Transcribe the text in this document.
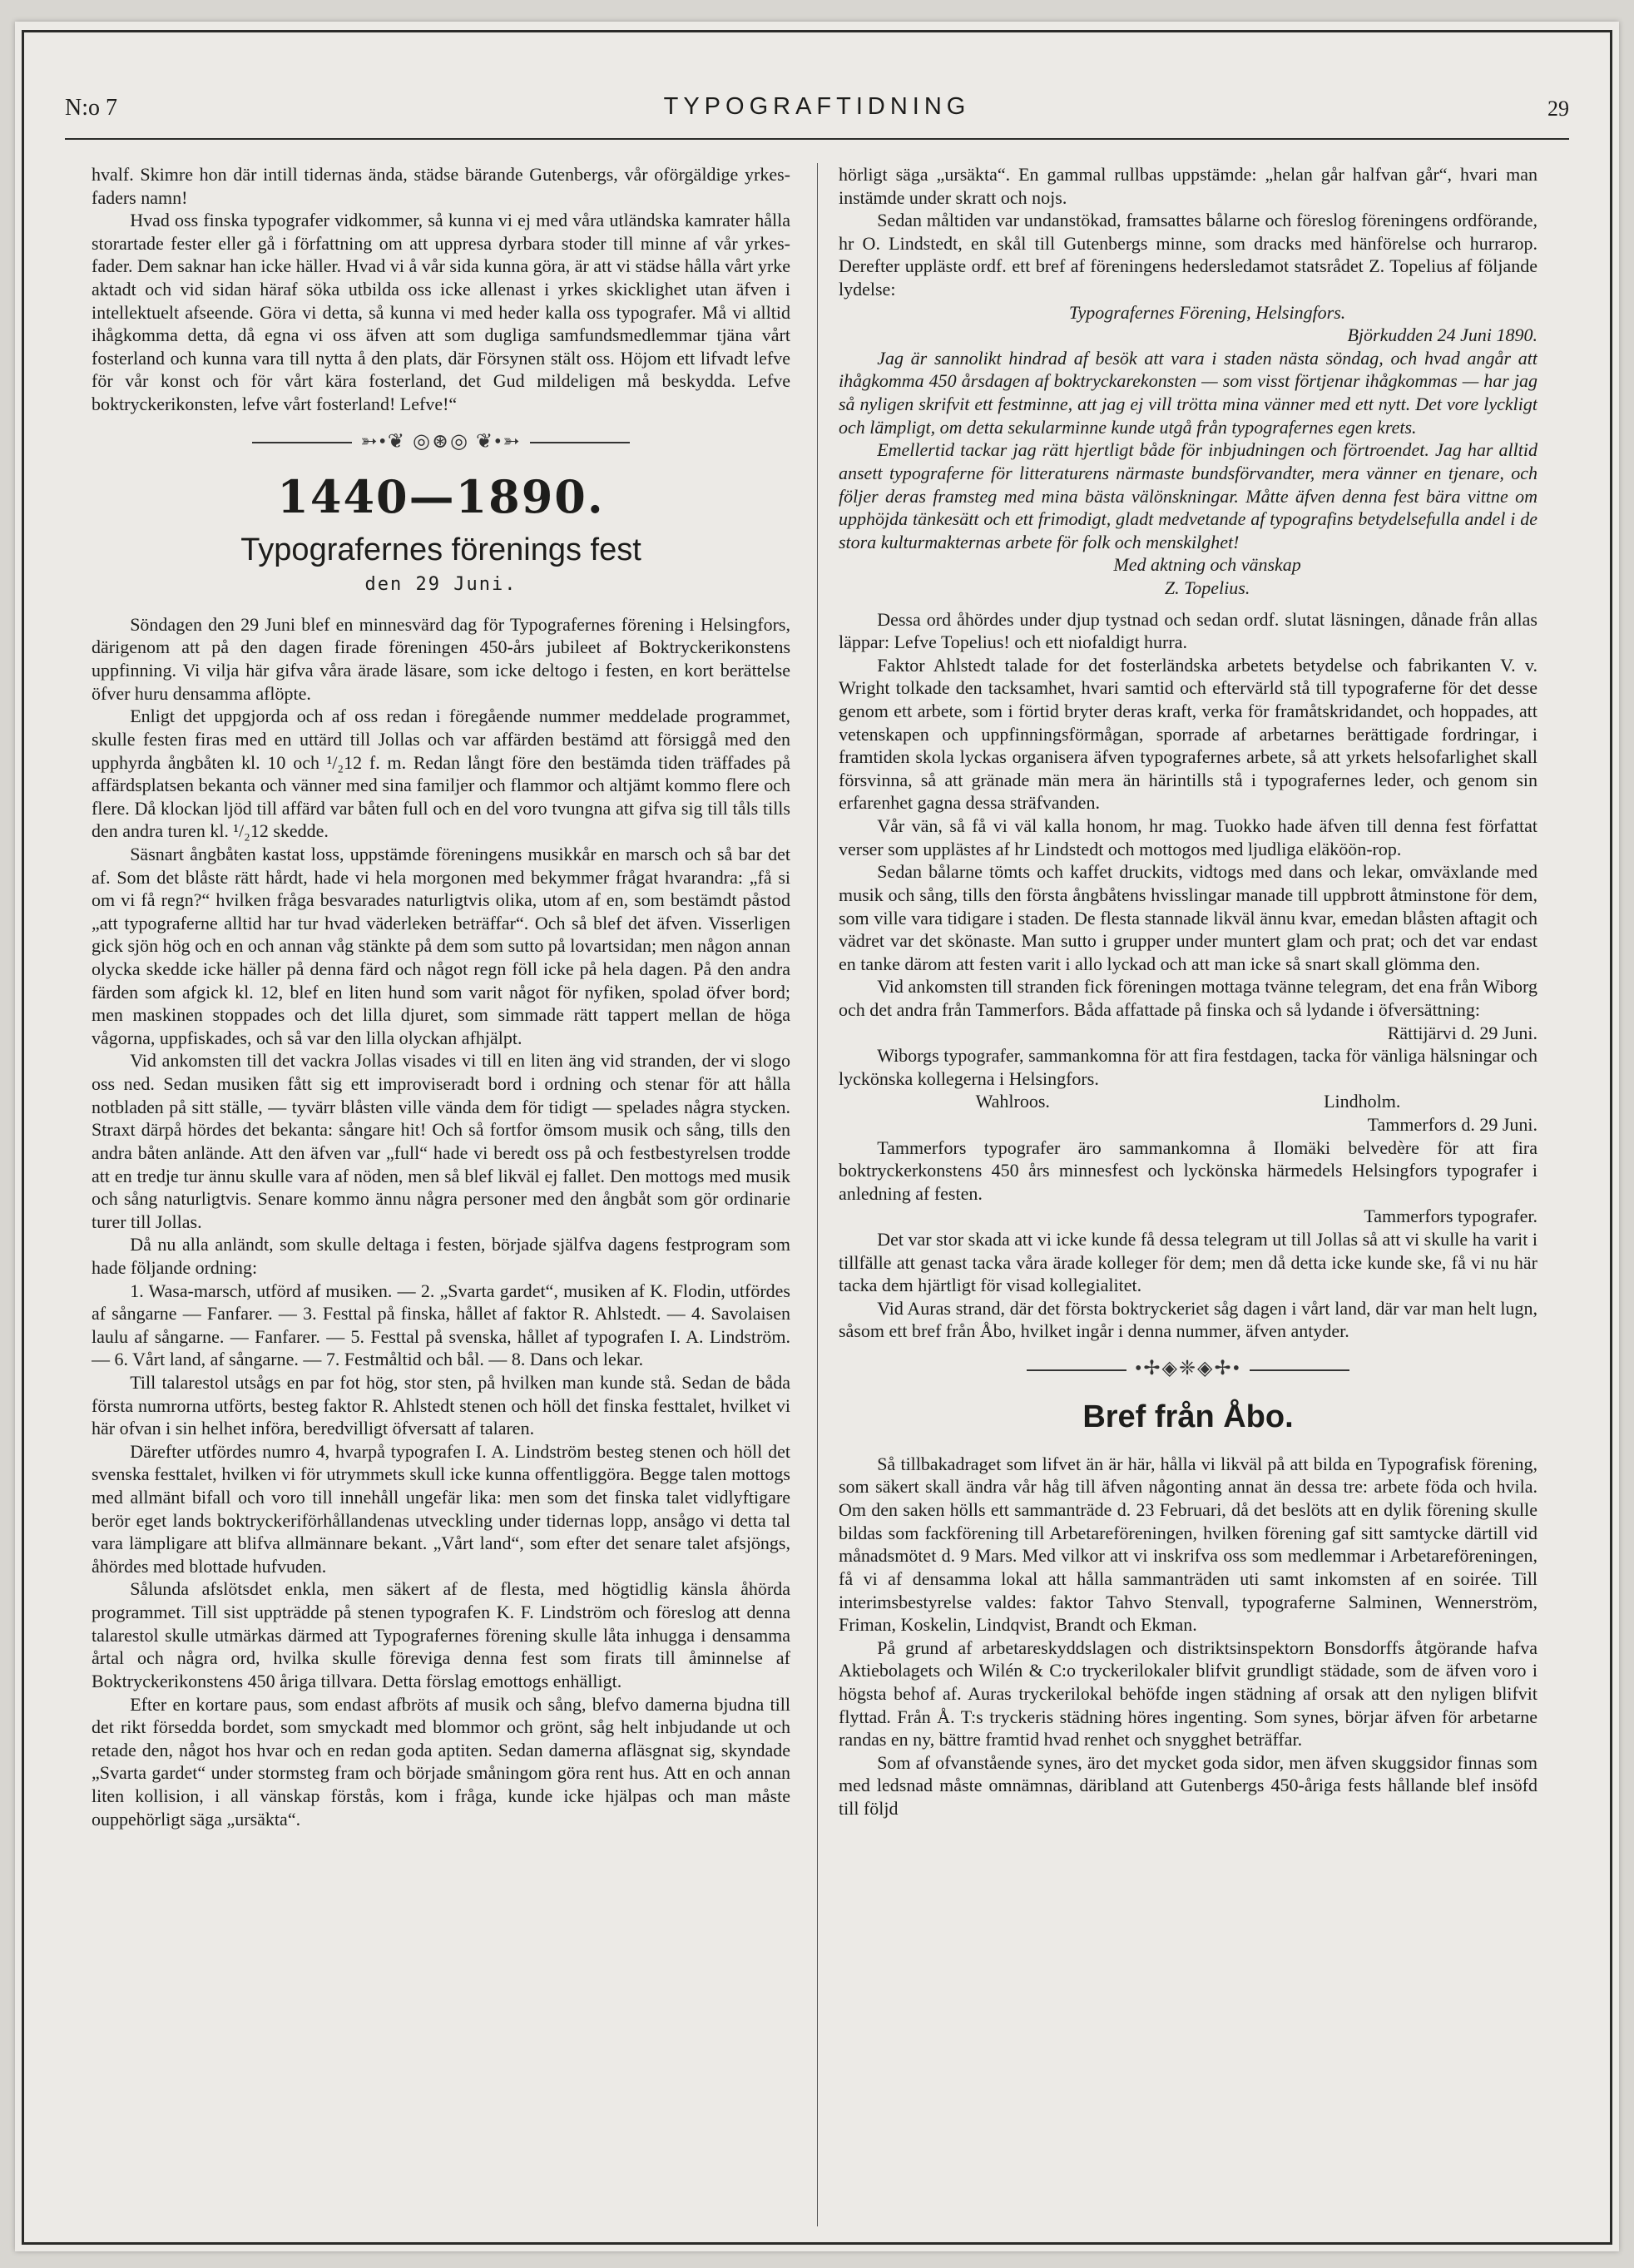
N:o 7	TYPOGRAFTIDNING	29

hvalf. Skimre hon där intill tidernas ända, städse bärande Gutenbergs, vår oförgäldige yrkes-faders namn!

Hvad oss finska typografer vidkommer, så kunna vi ej med våra utländska kamrater hålla storartade fester eller gå i författning om att uppresa dyrbara stoder till minne af vår yrkes-fader. Dem saknar han icke häller. Hvad vi å vår sida kunna göra, är att vi städse hålla vårt yrke aktadt och vid sidan häraf söka utbilda oss icke allenast i yrkes skicklighet utan äfven i intellektuelt afseende. Göra vi detta, så kunna vi med heder kalla oss typografer. Må vi alltid ihågkomma detta, då egna vi oss äfven att som dugliga samfundsmedlemmar tjäna vårt fosterland och kunna vara till nytta å den plats, där Försynen stält oss. Höjom ett lifvadt lefve för vår konst och för vårt kära fosterland, det Gud mildeligen må beskydda. Lefve boktryckerikonsten, lefve vårt fosterland! Lefve!“

➳•❦ ◎⊛◎ ❦•➳
1440—1890.
Typografernes förenings fest
den 29 Juni.

Söndagen den 29 Juni blef en minnesvärd dag för Typografernes förening i Helsingfors, därigenom att på den dagen firade föreningen 450-års jubileet af Boktryckerikonstens uppfinning. Vi vilja här gifva våra ärade läsare, som icke deltogo i festen, en kort berättelse öfver huru densamma aflöpte.

Enligt det uppgjorda och af oss redan i föregående nummer meddelade programmet, skulle festen firas med en uttärd till Jollas och var affärden bestämd att försiggå med den upphyrda ångbåten kl. 10 och ¹/₂12 f. m. Redan långt före den bestämda tiden träffades på affärdsplatsen bekanta och vänner med sina familjer och flammor och altjämt kommo flere och flere. Då klockan ljöd till affärd var båten full och en del voro tvungna att gifva sig till tåls tills den andra turen kl. ¹/₂12 skedde.

Säsnart ångbåten kastat loss, uppstämde föreningens musikkår en marsch och så bar det af. Som det blåste rätt hårdt, hade vi hela morgonen med bekymmer frågat hvarandra: „få si om vi få regn?“ hvilken fråga besvarades naturligtvis olika, utom af en, som bestämdt påstod „att typograferne alltid har tur hvad väderleken beträffar“. Och så blef det äfven. Visserligen gick sjön hög och en och annan våg stänkte på dem som sutto på lovartsidan; men någon annan olycka skedde icke häller på denna färd och något regn föll icke på hela dagen. På den andra färden som afgick kl. 12, blef en liten hund som varit något för nyfiken, spolad öfver bord; men maskinen stoppades och det lilla djuret, som simmade rätt tappert mellan de höga vågorna, uppfiskades, och så var den lilla olyckan afhjälpt.

Vid ankomsten till det vackra Jollas visades vi till en liten äng vid stranden, der vi slogo oss ned. Sedan musiken fått sig ett improviseradt bord i ordning och stenar för att hålla notbladen på sitt ställe, — tyvärr blåsten ville vända dem för tidigt — spelades några stycken. Straxt därpå hördes det bekanta: sångare hit! Och så fortfor ömsom musik och sång, tills den andra båten anlände. Att den äfven var „full“ hade vi beredt oss på och festbestyrelsen trodde att en tredje tur ännu skulle vara af nöden, men så blef likväl ej fallet. Den mottogs med musik och sång naturligtvis. Senare kommo ännu några personer med den ångbåt som gör ordinarie turer till Jollas.

Då nu alla anländt, som skulle deltaga i festen, började själfva dagens festprogram som hade följande ordning:

1. Wasa-marsch, utförd af musiken. — 2. „Svarta gardet“, musiken af K. Flodin, utfördes af sångarne — Fanfarer. — 3. Festtal på finska, hållet af faktor R. Ahlstedt. — 4. Savolaisen laulu af sångarne. — Fanfarer. — 5. Festtal på svenska, hållet af typografen I. A. Lindström. — 6. Vårt land, af sångarne. — 7. Festmåltid och bål. — 8. Dans och lekar.

Till talarestol utsågs en par fot hög, stor sten, på hvilken man kunde stå. Sedan de båda första numrorna utförts, besteg faktor R. Ahlstedt stenen och höll det finska festtalet, hvilket vi här ofvan i sin helhet införa, beredvilligt öfversatt af talaren.

Därefter utfördes numro 4, hvarpå typografen I. A. Lindström besteg stenen och höll det svenska festtalet, hvilken vi för utrymmets skull icke kunna offentliggöra. Begge talen mottogs med allmänt bifall och voro till innehåll ungefär lika: men som det finska talet vidlyftigare berör eget lands boktryckeriförhållandenas utveckling under tidernas lopp, ansågo vi detta tal vara lämpligare att blifva allmännare bekant. „Vårt land“, som efter det senare talet afsjöngs, åhördes med blottade hufvuden.

Sålunda afslötsdet enkla, men säkert af de flesta, med högtidlig känsla åhörda programmet. Till sist uppträdde på stenen typografen K. F. Lindström och föreslog att denna talarestol skulle utmärkas därmed att Typografernes förening skulle låta inhugga i densamma årtal och några ord, hvilka skulle föreviga denna fest som firats till åminnelse af Boktryckerikonstens 450 åriga tillvara. Detta förslag emottogs enhälligt.

Efter en kortare paus, som endast afbröts af musik och sång, blefvo damerna bjudna till det rikt försedda bordet, som smyckadt med blommor och grönt, såg helt inbjudande ut och retade den, något hos hvar och en redan goda aptiten. Sedan damerna afläsgnat sig, skyndade „Svarta gardet“ under stormsteg fram och började småningom göra rent hus. Att en och annan liten kollision, i all vänskap förstås, kom i fråga, kunde icke hjälpas och man måste ouppehörligt säga „ursäkta“.

hörligt säga „ursäkta“. En gammal rullbas uppstämde: „helan går halfvan går“, hvari man instämde under skratt och nojs.

Sedan måltiden var undanstökad, framsattes bålarne och föreslog föreningens ordförande, hr O. Lindstedt, en skål till Gutenbergs minne, som dracks med hänförelse och hurrarop. Derefter upplästе ordf. ett bref af föreningens hedersledamot statsrådet Z. Topelius af följande lydelse:

Typografernes Förening, Helsingfors.

Björkudden 24 Juni 1890.

Jag är sannolikt hindrad af besök att vara i staden nästa söndag, och hvad angår att ihågkomma 450 årsdagen af boktryckarekonsten — som visst förtjenar ihågkommas — har jag så nyligen skrifvit ett festminne, att jag ej vill trötta mina vänner med ett nytt. Det vore lyckligt och lämpligt, om detta sekularminne kunde utgå från typografernes egen krets.

Emellertid tackar jag rätt hjertligt både för inbjudningen och förtroendet. Jag har alltid ansett typograferne för litteraturens närmaste bundsförvandter, mera vänner en tjenare, och följer deras framsteg med mina bästa välönskningar. Måtte äfven denna fest bära vittne om upphöjda tänkesätt och ett frimodigt, gladt medvetande af typografins betydelsefulla andel i de stora kulturmakternas arbete för folk och menskilghet!

Med aktning och vänskap

Z. Topelius.

Dessa ord åhördes under djup tystnad och sedan ordf. slutat läsningen, dånade från allas läppar: Lefve Topelius! och ett niofaldigt hurra.

Faktor Ahlstedt talade for det fosterländska arbetets betydelse och fabrikanten V. v. Wright tolkade den tacksamhet, hvari samtid och eftervärld stå till typograferne för det desse genom ett arbete, som i förtid bryter deras kraft, verka för framåtskridandet, och hoppades, att vetenskapen och uppfinningsförmågan, sporrade af arbetarnes berättigade fordringar, i framtiden skola lyckas organisera äfven typografernes arbete, så att yrkets helsofarlighet skall försvinna, så att gränade män mera än härintills stå i typografernes leder, och genom sin erfarenhet gagna dessa sträfvanden.

Vår vän, så få vi väl kalla honom, hr mag. Tuokko hade äfven till denna fest författat verser som upplästes af hr Lindstedt och mottogos med ljudliga eläköön-rop.

Sedan bålarne tömts och kaffet druckits, vidtogs med dans och lekar, omväxlande med musik och sång, tills den första ångbåtens hvisslingar manade till uppbrott åtminstone för dem, som ville vara tidigare i staden. De flesta stannade likväl ännu kvar, emedan blåsten aftagit och vädret var det skönaste. Man sutto i grupper under muntert glam och prat; och det var endast en tanke därom att festen varit i allo lyckad och att man icke så snart skall glömma den.

Vid ankomsten till stranden fick föreningen mottaga tvänne telegram, det ena från Wiborg och det andra från Tammerfors. Båda affattade på finska och så lydande i öfversättning:

Rättijärvi d. 29 Juni.

Wiborgs typografer, sammankomna för att fira festdagen, tacka för vänliga hälsningar och lyckönska kollegerna i Helsingfors.

Wahlroos.	Lindholm.

Tammerfors d. 29 Juni.

Tammerfors typografer äro sammankomna å Ilomäki belvedère för att fira boktryckerkonstens 450 års minnesfest och lyckönska härmedels Helsingfors typografer i anledning af festen.

Tammerfors typografer.

Det var stor skada att vi icke kunde få dessa telegram ut till Jollas så att vi skulle ha varit i tillfälle att genast tacka våra ärade kolleger för dem; men då detta icke kunde ske, få vi nu här tacka dem hjärtligt för visad kollegialitet.

Vid Auras strand, där det första boktryckeriet såg dagen i vårt land, där var man helt lugn, såsom ett bref från Åbo, hvilket ingår i denna nummer, äfven antyder.

•✢◈❈◈✢•
Bref från Åbo.

Så tillbakadraget som lifvet än är här, hålla vi likväl på att bilda en Typografisk förening, som säkert skall ändra vår håg till äfven någonting annat än dessa tre: arbete föda och hvila. Om den saken hölls ett sammanträde d. 23 Februari, då det beslöts att en dylik förening skulle bildas som fackförening till Arbetareföreningen, hvilken förening gaf sitt samtycke därtill vid månadsmötet d. 9 Mars. Med vilkor att vi inskrifva oss som medlemmar i Arbetareföreningen, få vi af densamma lokal att hålla sammanträden uti samt inkomsten af en soirée. Till interimsbestyrelse valdes: faktor Tahvo Stenvall, typograferne Salminen, Wennerström, Friman, Koskelin, Lindqvist, Brandt och Ekman.

På grund af arbetareskyddslagen och distriktsinspektorn Bonsdorffs åtgörande hafva Aktiebolagets och Wilén & C:o tryckerilokaler blifvit grundligt städade, som de äfven voro i högsta behof af. Auras tryckerilokal behöfde ingen städning af orsak att den nyligen blifvit flyttad. Från Å. T:s tryckeris städning höres ingenting. Som synes, börjar äfven för arbetarne randas en ny, bättre framtid hvad renhet och snygghet beträffar.

Som af ofvanstående synes, äro det mycket goda sidor, men äfven skuggsidor finnas som med ledsnad måste omnämnas, däribland att Gutenbergs 450-åriga fests hållande blef insöfd till följd
